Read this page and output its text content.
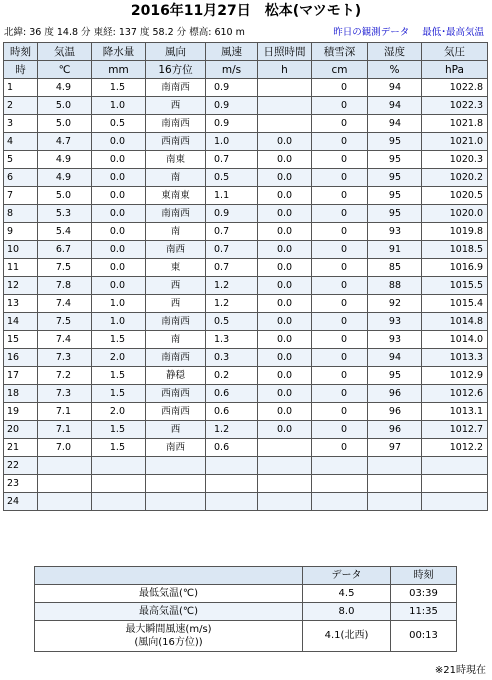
2016年11月27日　松本(マツモト)
北緯: 36 度 14.8 分 東経: 137 度 58.2 分 標高: 610 m	昨日の観測データ 最低･最高気温
時刻	気温	降水量	風向	風速	日照時間	積雪深	湿度	気圧
時	℃	mm	16方位	m/s	h	cm	%	hPa
1	4.9	1.5	南南西	0.9		0	94	1022.8
2	5.0	1.0	西	0.9		0	94	1022.3
3	5.0	0.5	南南西	0.9		0	94	1021.8
4	4.7	0.0	西南西	1.0	0.0	0	95	1021.0
5	4.9	0.0	南東	0.7	0.0	0	95	1020.3
6	4.9	0.0	南	0.5	0.0	0	95	1020.2
7	5.0	0.0	東南東	1.1	0.0	0	95	1020.5
8	5.3	0.0	南南西	0.9	0.0	0	95	1020.0
9	5.4	0.0	南	0.7	0.0	0	93	1019.8
10	6.7	0.0	南西	0.7	0.0	0	91	1018.5
11	7.5	0.0	東	0.7	0.0	0	85	1016.9
12	7.8	0.0	西	1.2	0.0	0	88	1015.5
13	7.4	1.0	西	1.2	0.0	0	92	1015.4
14	7.5	1.0	南南西	0.5	0.0	0	93	1014.8
15	7.4	1.5	南	1.3	0.0	0	93	1014.0
16	7.3	2.0	南南西	0.3	0.0	0	94	1013.3
17	7.2	1.5	静穏	0.2	0.0	0	95	1012.9
18	7.3	1.5	西南西	0.6	0.0	0	96	1012.6
19	7.1	2.0	西南西	0.6	0.0	0	96	1013.1
20	7.1	1.5	西	1.2	0.0	0	96	1012.7
21	7.0	1.5	南西	0.6		0	97	1012.2
22								
23								
24								
	データ	時刻
最低気温(℃)	4.5	03:39
最高気温(℃)	8.0	11:35

最大瞬間風速(m/s)
(風向(16方位))	4.1(北西)	00:13
※21時現在
